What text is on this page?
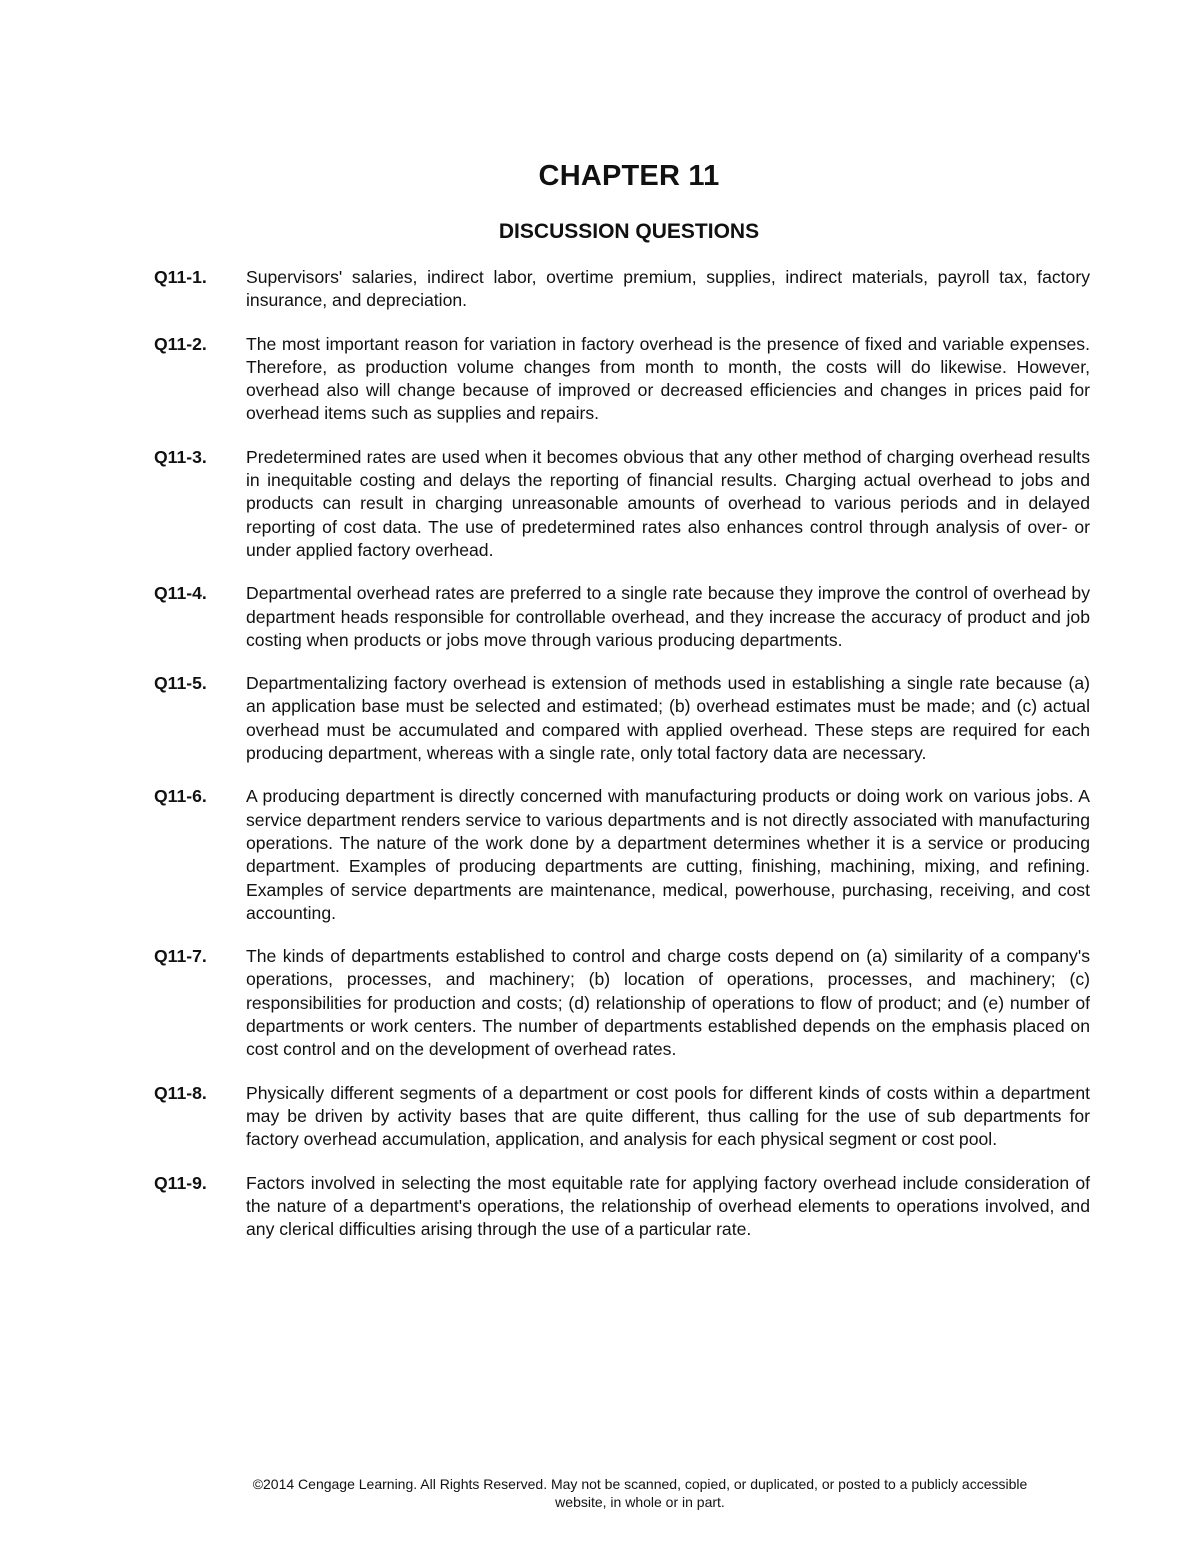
CHAPTER 11
DISCUSSION QUESTIONS
Q11-1.	Supervisors' salaries, indirect labor, overtime premium, supplies, indirect materials, payroll tax, factory insurance, and depreciation.
Q11-2.	The most important reason for variation in factory overhead is the presence of fixed and variable expenses. Therefore, as production volume changes from month to month, the costs will do likewise. However, overhead also will change because of improved or decreased efficiencies and changes in prices paid for overhead items such as supplies and repairs.
Q11-3.	Predetermined rates are used when it becomes obvious that any other method of charging overhead results in inequitable costing and delays the reporting of financial results. Charging actual overhead to jobs and products can result in charging unreasonable amounts of overhead to various periods and in delayed reporting of cost data. The use of predetermined rates also enhances control through analysis of over- or under applied factory overhead.
Q11-4.	Departmental overhead rates are preferred to a single rate because they improve the control of overhead by department heads responsible for controllable overhead, and they increase the accuracy of product and job costing when products or jobs move through various producing departments.
Q11-5.	Departmentalizing factory overhead is extension of methods used in establishing a single rate because (a) an application base must be selected and estimated; (b) overhead estimates must be made; and (c) actual overhead must be accumulated and compared with applied overhead. These steps are required for each producing department, whereas with a single rate, only total factory data are necessary.
Q11-6.	A producing department is directly concerned with manufacturing products or doing work on various jobs. A service department renders service to various departments and is not directly associated with manufacturing operations. The nature of the work done by a department determines whether it is a service or producing department. Examples of producing departments are cutting, finishing, machining, mixing, and refining. Examples of service departments are maintenance, medical, powerhouse, purchasing, receiving, and cost accounting.
Q11-7.	The kinds of departments established to control and charge costs depend on (a) similarity of a company's operations, processes, and machinery; (b) location of operations, processes, and machinery; (c) responsibilities for production and costs; (d) relationship of operations to flow of product; and (e) number of departments or work centers. The number of departments established depends on the emphasis placed on cost control and on the development of overhead rates.
Q11-8.	Physically different segments of a department or cost pools for different kinds of costs within a department may be driven by activity bases that are quite different, thus calling for the use of sub departments for factory overhead accumulation, application, and analysis for each physical segment or cost pool.
Q11-9.	Factors involved in selecting the most equitable rate for applying factory overhead include consideration of the nature of a department's operations, the relationship of overhead elements to operations involved, and any clerical difficulties arising through the use of a particular rate.
©2014 Cengage Learning. All Rights Reserved. May not be scanned, copied, or duplicated, or posted to a publicly accessible
website, in whole or in part.
